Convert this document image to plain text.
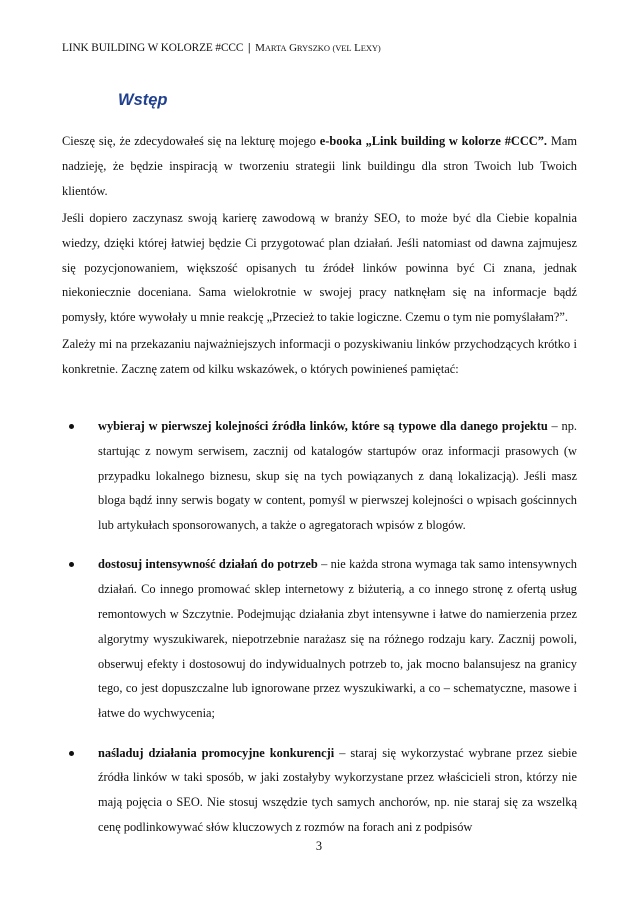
LINK BUILDING W KOLORZE #CCC | MARTA GRYSZKO (VEL LEXY)
Wstęp

Cieszę się, że zdecydowałeś się na lekturę mojego e-booka „Link building w kolorze #CCC”. Mam nadzieję, że będzie inspiracją w tworzeniu strategii link buildingu dla stron Twoich lub Twoich klientów.

Jeśli dopiero zaczynasz swoją karierę zawodową w branży SEO, to może być dla Ciebie kopalnia wiedzy, dzięki której łatwiej będzie Ci przygotować plan działań. Jeśli natomiast od dawna zajmujesz się pozycjonowaniem, większość opisanych tu źródeł linków powinna być Ci znana, jednak niekoniecznie doceniana. Sama wielokrotnie w swojej pracy natknęłam się na informacje bądź pomysły, które wywołały u mnie reakcję „Przecież to takie logiczne. Czemu o tym nie pomyślałam?”.

Zależy mi na przekazaniu najważniejszych informacji o pozyskiwaniu linków przychodzących krótko i konkretnie. Zacznę zatem od kilku wskazówek, o których powinieneś pamiętać:

wybieraj w pierwszej kolejności źródła linków, które są typowe dla danego projektu – np. startując z nowym serwisem, zacznij od katalogów startupów oraz informacji prasowych (w przypadku lokalnego biznesu, skup się na tych powiązanych z daną lokalizacją). Jeśli masz bloga bądź inny serwis bogaty w content, pomyśl w pierwszej kolejności o wpisach gościnnych lub artykułach sponsorowanych, a także o agregatorach wpisów z blogów.
dostosuj intensywność działań do potrzeb – nie każda strona wymaga tak samo intensywnych działań. Co innego promować sklep internetowy z biżuterią, a co innego stronę z ofertą usług remontowych w Szczytnie. Podejmując działania zbyt intensywne i łatwe do namierzenia przez algorytmy wyszukiwarek, niepotrzebnie narażasz się na różnego rodzaju kary. Zacznij powoli, obserwuj efekty i dostosowuj do indywidualnych potrzeb to, jak mocno balansujesz na granicy tego, co jest dopuszczalne lub ignorowane przez wyszukiwarki, a co – schematyczne, masowe i łatwe do wychwycenia;
naśladuj działania promocyjne konkurencji – staraj się wykorzystać wybrane przez siebie źródła linków w taki sposób, w jaki zostałyby wykorzystane przez właścicieli stron, którzy nie mają pojęcia o SEO. Nie stosuj wszędzie tych samych anchorów, np. nie staraj się za wszelką cenę podlinkowywać słów kluczowych z rozmów na forach ani z podpisów
3
